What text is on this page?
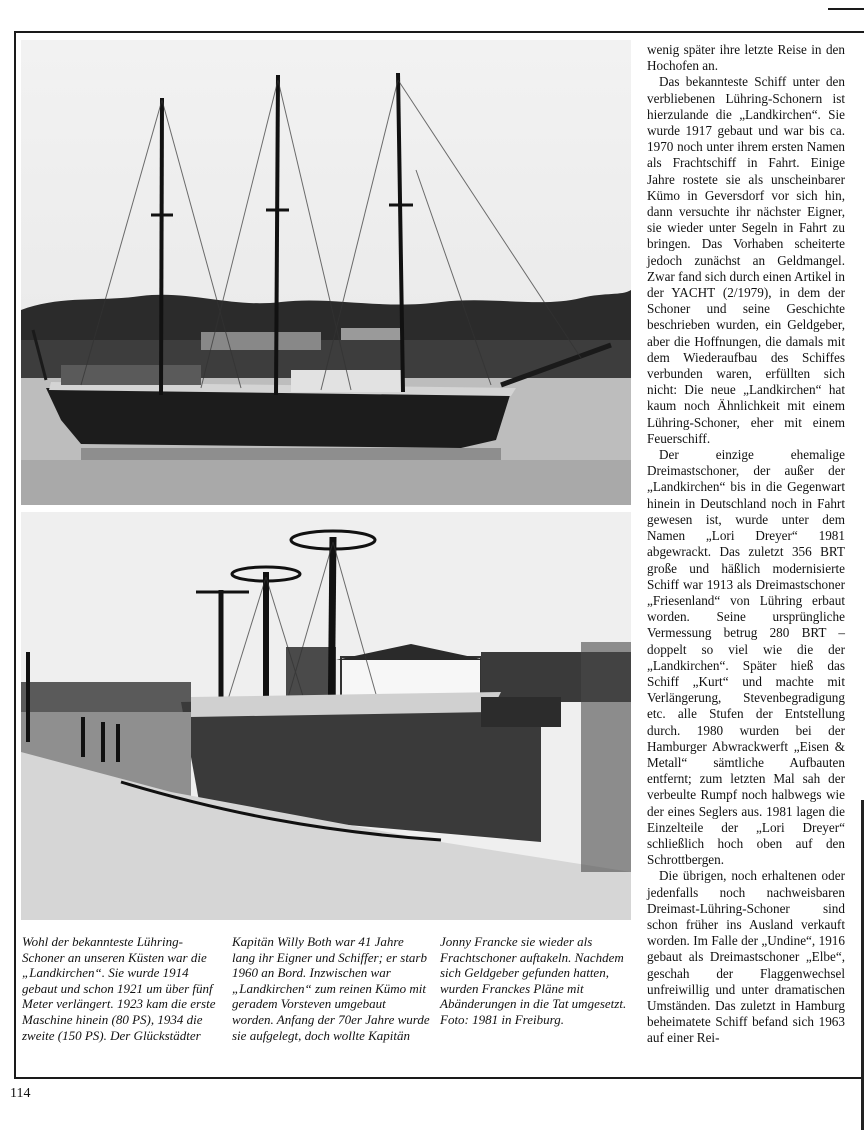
Wohl der bekannteste Lühring-Schoner an unseren Küsten war die „Landkirchen“. Sie wurde 1914 gebaut und schon 1921 um über fünf Meter verlängert. 1923 kam die erste Maschine hinein (80 PS), 1934 die zweite (150 PS). Der Glückstädter
Kapitän Willy Both war 41 Jahre lang ihr Eigner und Schiffer; er starb 1960 an Bord. Inzwischen war „Landkirchen“ zum reinen Kümo mit geradem Vorsteven umgebaut worden. Anfang der 70er Jahre wurde sie aufgelegt, doch wollte Kapitän
Jonny Francke sie wieder als Frachtschoner auftakeln. Nachdem sich Geldgeber gefunden hatten, wurden Franckes Pläne mit Abänderungen in die Tat umgesetzt. Foto: 1981 in Freiburg.

wenig später ihre letzte Reise in den Hochofen an.

Das bekannteste Schiff unter den verbliebenen Lühring-Schonern ist hierzulande die „Landkirchen“. Sie wurde 1917 gebaut und war bis ca. 1970 noch unter ihrem ersten Namen als Frachtschiff in Fahrt. Einige Jahre rostete sie als unscheinbarer Kümo in Geversdorf vor sich hin, dann versuchte ihr nächster Eigner, sie wieder unter Segeln in Fahrt zu bringen. Das Vorhaben scheiterte jedoch zunächst an Geldmangel. Zwar fand sich durch einen Artikel in der YACHT (2/1979), in dem der Schoner und seine Geschichte beschrieben wurden, ein Geldgeber, aber die Hoffnungen, die damals mit dem Wiederaufbau des Schiffes verbunden waren, erfüllten sich nicht: Die neue „Landkirchen“ hat kaum noch Ähnlichkeit mit einem Lühring-Schoner, eher mit einem Feuerschiff.

Der einzige ehemalige Dreimastschoner, der außer der „Landkirchen“ bis in die Gegenwart hinein in Deutschland noch in Fahrt gewesen ist, wurde unter dem Namen „Lori Dreyer“ 1981 abgewrackt. Das zuletzt 356 BRT große und häßlich modernisierte Schiff war 1913 als Dreimastschoner „Friesenland“ von Lühring erbaut worden. Seine ursprüngliche Vermessung betrug 280 BRT – doppelt so viel wie die der „Landkirchen“. Später hieß das Schiff „Kurt“ und machte mit Verlängerung, Stevenbegradigung etc. alle Stufen der Entstellung durch. 1980 wurden bei der Hamburger Abwrackwerft „Eisen & Metall“ sämtliche Aufbauten entfernt; zum letzten Mal sah der verbeulte Rumpf noch halbwegs wie der eines Seglers aus. 1981 lagen die Einzelteile der „Lori Dreyer“ schließlich hoch oben auf den Schrottbergen.

Die übrigen, noch erhaltenen oder jedenfalls noch nachweisbaren Dreimast-Lühring-Schoner sind schon früher ins Ausland verkauft worden. Im Falle der „Undine“, 1916 gebaut als Dreimastschoner „Elbe“, geschah der Flaggenwechsel unfreiwillig und unter dramatischen Umständen. Das zuletzt in Hamburg beheimatete Schiff befand sich 1963 auf einer Rei-

114
